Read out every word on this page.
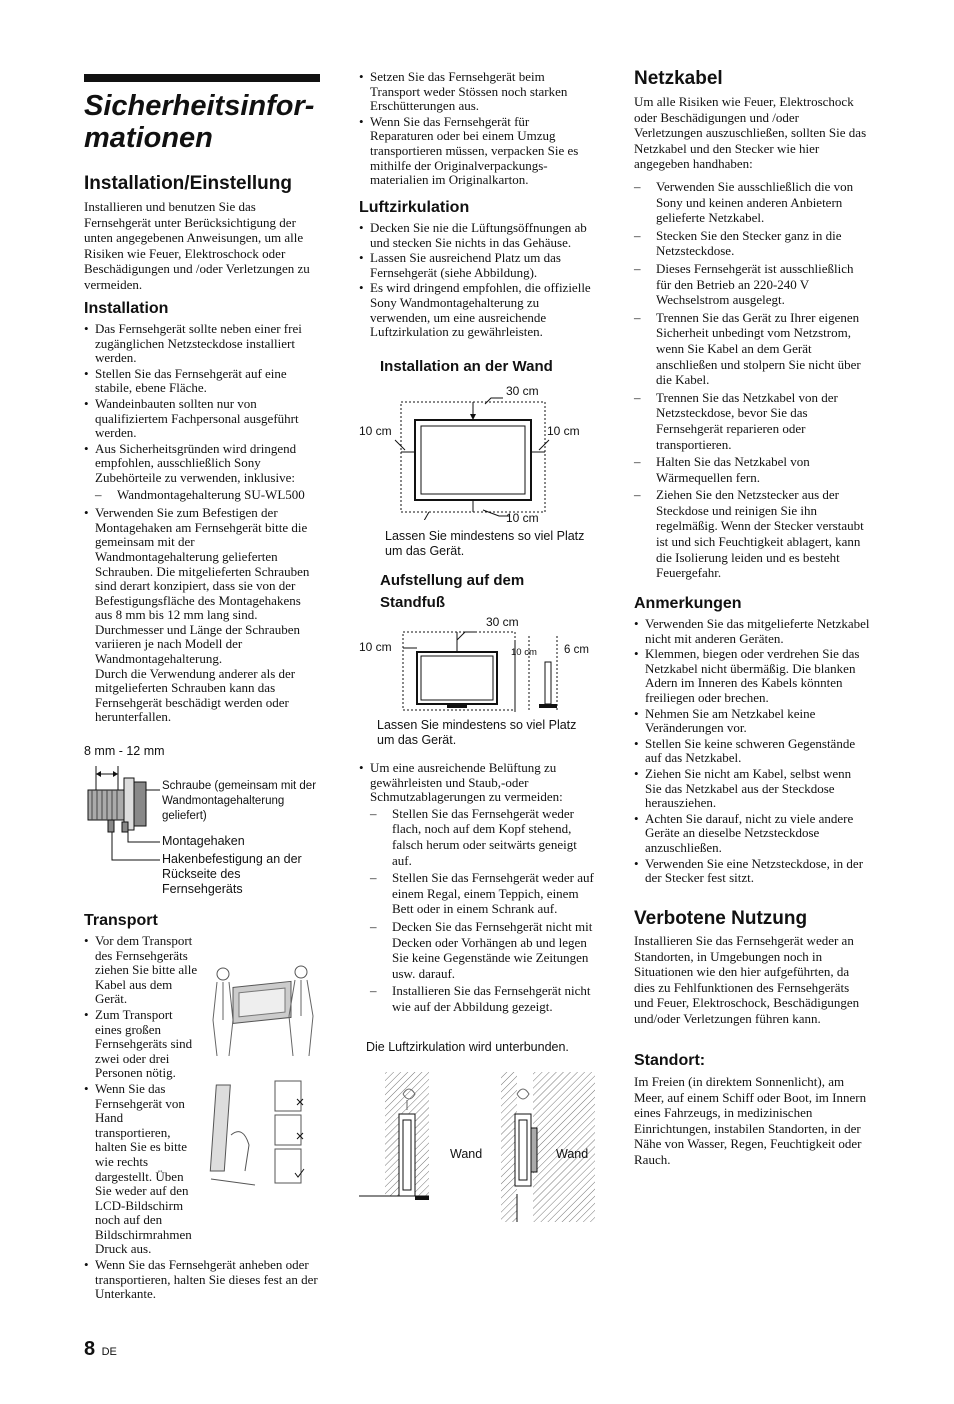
Sicherheitsinfor-
mationen
Installation/Einstellung

Installieren und benutzen Sie das Fernsehgerät unter Berücksichtigung der unten angegebenen Anweisungen, um alle Risiken wie Feuer, Elektroschock oder Beschädigungen und /oder Verletzungen zu vermeiden.

Installation
• Das Fernsehgerät sollte neben einer frei zugänglichen Netzsteckdose installiert werden.
• Stellen Sie das Fernsehgerät auf eine stabile, ebene Fläche.
• Wandeinbauten sollten nur von qualifiziertem Fachpersonal ausgeführt werden.
• Aus Sicherheitsgründen wird dringend empfohlen, ausschließlich Sony Zubehörteile zu verwenden, inklusive:
– Wandmontagehalterung SU-WL500
• Verwenden Sie zum Befestigen der Montagehaken am Fernsehgerät bitte die gemeinsam mit der Wandmontagehalterung gelieferten Schrauben. Die mitgelieferten Schrauben sind derart konzipiert, dass sie von der Befestigungsfläche des Montagehakens aus 8 mm bis 12 mm lang sind.
Durchmesser und Länge der Schrauben variieren je nach Modell der Wandmontagehalterung.
Durch die Verwendung anderer als der mitgelieferten Schrauben kann das Fernsehgerät beschädigt werden oder herunterfallen.
8 mm - 12 mm
Schraube (gemeinsam mit der Wandmontagehalterung geliefert)
Montagehaken
Hakenbefestigung an der Rückseite des Fernsehgeräts
Transport
• Vor dem Transport des Fernsehgeräts ziehen Sie bitte alle Kabel aus dem Gerät.
• Zum Transport eines großen Fernsehgeräts sind zwei oder drei Personen nötig.
• Wenn Sie das Fernsehgerät von Hand transportieren, halten Sie es bitte wie rechts dargestellt. Üben Sie weder auf den LCD-Bildschirm noch auf den Bildschirmrahmen Druck aus.
• Wenn Sie das Fernsehgerät anheben oder transportieren, halten Sie dieses fest an der Unterkante.
• Setzen Sie das Fernsehgerät beim Transport weder Stössen noch starken Erschütterungen aus.
• Wenn Sie das Fernsehgerät für Reparaturen oder bei einem Umzug transportieren müssen, verpacken Sie es mithilfe der Originalverpackungs-materialien im Originalkarton.
Luftzirkulation
• Decken Sie nie die Lüftungsöffnungen ab und stecken Sie nichts in das Gehäuse.
• Lassen Sie ausreichend Platz um das Fernsehgerät (siehe Abbildung).
• Es wird dringend empfohlen, die offizielle Sony Wandmontagehalterung zu verwenden, um eine ausreichende Luftzirkulation zu gewährleisten.
Installation an der Wand
30 cm
10 cm	10 cm
10 cm
Lassen Sie mindestens so viel Platz um das Gerät.
Aufstellung auf dem Standfuß
30 cm
10 cm	10 cm 6 cm
Lassen Sie mindestens so viel Platz um das Gerät.
• Um eine ausreichende Belüftung zu gewährleisten und Staub,-oder Schmutzablagerungen zu vermeiden:
– Stellen Sie das Fernsehgerät weder flach, noch auf dem Kopf stehend, falsch herum oder seitwärts geneigt auf.
– Stellen Sie das Fernsehgerät weder auf einem Regal, einem Teppich, einem Bett oder in einem Schrank auf.
– Decken Sie das Fernsehgerät nicht mit Decken oder Vorhängen ab und legen Sie keine Gegenstände wie Zeitungen usw. darauf.
– Installieren Sie das Fernsehgerät nicht wie auf der Abbildung gezeigt.
Die Luftzirkulation wird unterbunden.
Wand	Wand
Netzkabel

Um alle Risiken wie Feuer, Elektroschock oder Beschädigungen und /oder Verletzungen auszuschließen, sollten Sie das Netzkabel und den Stecker wie hier angegeben handhaben:

– Verwenden Sie ausschließlich die von Sony und keinen anderen Anbietern gelieferte Netzkabel.
– Stecken Sie den Stecker ganz in die Netzsteckdose.
– Dieses Fernsehgerät ist ausschließlich für den Betrieb an 220-240 V Wechselstrom ausgelegt.
– Trennen Sie das Gerät zu Ihrer eigenen Sicherheit unbedingt vom Netzstrom, wenn Sie Kabel an dem Gerät anschließen und stolpern Sie nicht über die Kabel.
– Trennen Sie das Netzkabel von der Netzsteckdose, bevor Sie das Fernsehgerät reparieren oder transportieren.
– Halten Sie das Netzkabel von Wärmequellen fern.
– Ziehen Sie den Netzstecker aus der Steckdose und reinigen Sie ihn regelmäßig. Wenn der Stecker verstaubt ist und sich Feuchtigkeit ablagert, kann die Isolierung leiden und es besteht Feuergefahr.
Anmerkungen
• Verwenden Sie das mitgelieferte Netzkabel nicht mit anderen Geräten.
• Klemmen, biegen oder verdrehen Sie das Netzkabel nicht übermäßig. Die blanken Adern im Inneren des Kabels könnten freiliegen oder brechen.
• Nehmen Sie am Netzkabel keine Veränderungen vor.
• Stellen Sie keine schweren Gegenstände auf das Netzkabel.
• Ziehen Sie nicht am Kabel, selbst wenn Sie das Netzkabel aus der Steckdose herausziehen.
• Achten Sie darauf, nicht zu viele andere Geräte an dieselbe Netzsteckdose anzuschließen.
• Verwenden Sie eine Netzsteckdose, in der der Stecker fest sitzt.
Verbotene Nutzung

Installieren Sie das Fernsehgerät weder an Standorten, in Umgebungen noch in Situationen wie den hier aufgeführten, da dies zu Fehlfunktionen des Fernsehgeräts und Feuer, Elektroschock, Beschädigungen und/oder Verletzungen führen kann.

Standort:

Im Freien (in direktem Sonnenlicht), am Meer, auf einem Schiff oder Boot, im Innern eines Fahrzeugs, in medizinischen Einrichtungen, instabilen Standorten, in der Nähe von Wasser, Regen, Feuchtigkeit oder Rauch.

8 DE
